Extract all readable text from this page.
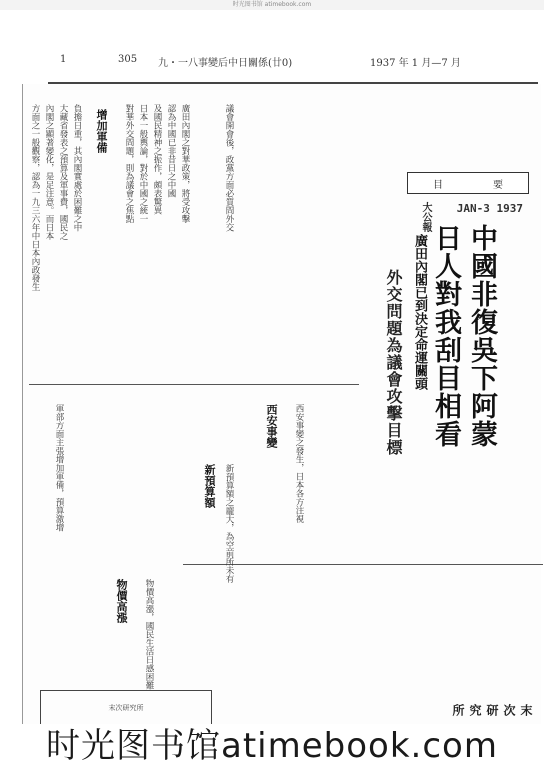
时光图书馆 atimebook.com
1	305 九・一八事變后中日關係(廿0)	1937 年 1 月—7 月
目	要
JAN-3 1937
大公報
中國非復吳下阿蒙
日人對我刮目相看
廣田內閣已到決定命運關頭
外交問題為議會攻擊目標
增加軍備
西安事變
新預算額
物價高漲
方面之一般觀察，認為一九三六年中日本內政發生 內閣之顯著變化，是足注意。而日本 大藏省發表之預算及軍事費，國民之 負擔日重，其內閣實處於困難之中	對華外交問題，則為議會之焦點 日本一般輿論，對於中國之統一 及國民精神之振作，頗表驚異 認為中國已非昔日之中國 廣田內閣之對華政策，將受攻擊	議會開會後，政黨方面必質問外交
西安事變之發生，日本各方注視
軍部方面主張增加軍備，預算激增
物價高漲，國民生活日感困難
新預算額之龐大，為空前所未有
末次研究所
末次研究所
时光图书馆atimebook.com
